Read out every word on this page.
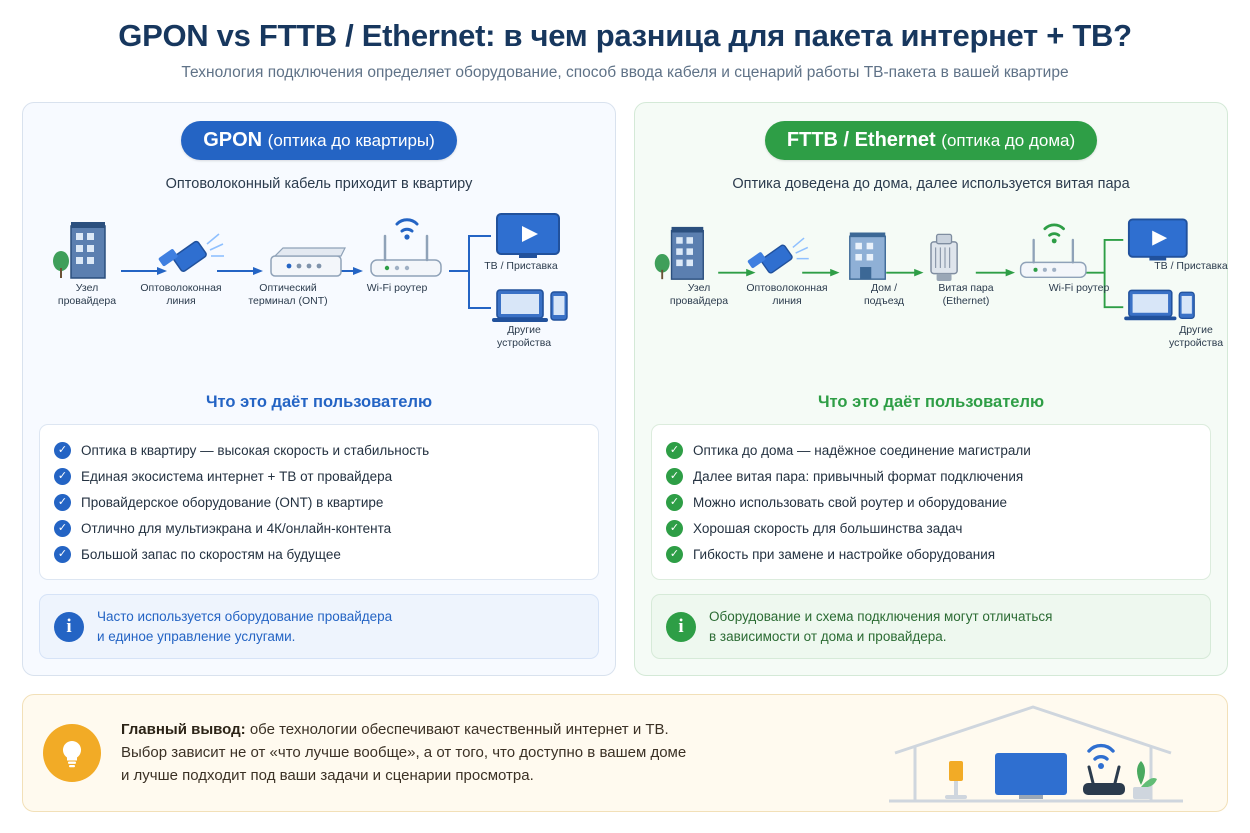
GPON vs FTTB / Ethernet: в чем разница для пакета интернет + ТВ?
Технология подключения определяет оборудование, способ ввода кабеля и сценарий работы ТВ-пакета в вашей квартире
GPON (оптика до квартиры)
Оптоволоконный кабель приходит в квартиру
Узел
провайдера
Оптоволоконная
линия
Оптический
терминал (ONT)
Wi-Fi роутер
ТВ / Приставка
Другие
устройства
Что это даёт пользователю
✓ Оптика в квартиру — высокая скорость и стабильность
✓ Единая экосистема интернет + ТВ от провайдера
✓ Провайдерское оборудование (ONT) в квартире
✓ Отлично для мультиэкрана и 4К/онлайн-контента
✓ Большой запас по скоростям на будущее
i	Часто используется оборудование провайдера
и единое управление услугами.
FTTB / Ethernet (оптика до дома)
Оптика доведена до дома, далее используется витая пара
Узел
провайдера
Оптоволоконная
линия
Дом /
подъезд
Витая пара
(Ethernet)
Wi-Fi роутер
ТВ / Приставка
Другие
устройства
Что это даёт пользователю
✓ Оптика до дома — надёжное соединение магистрали
✓ Далее витая пара: привычный формат подключения
✓ Можно использовать свой роутер и оборудование
✓ Хорошая скорость для большинства задач
✓ Гибкость при замене и настройке оборудования
i	Оборудование и схема подключения могут отличаться
в зависимости от дома и провайдера.
Главный вывод: обе технологии обеспечивают качественный интернет и ТВ.
Выбор зависит не от «что лучше вообще», а от того, что доступно в вашем доме
и лучше подходит под ваши задачи и сценарии просмотра.
